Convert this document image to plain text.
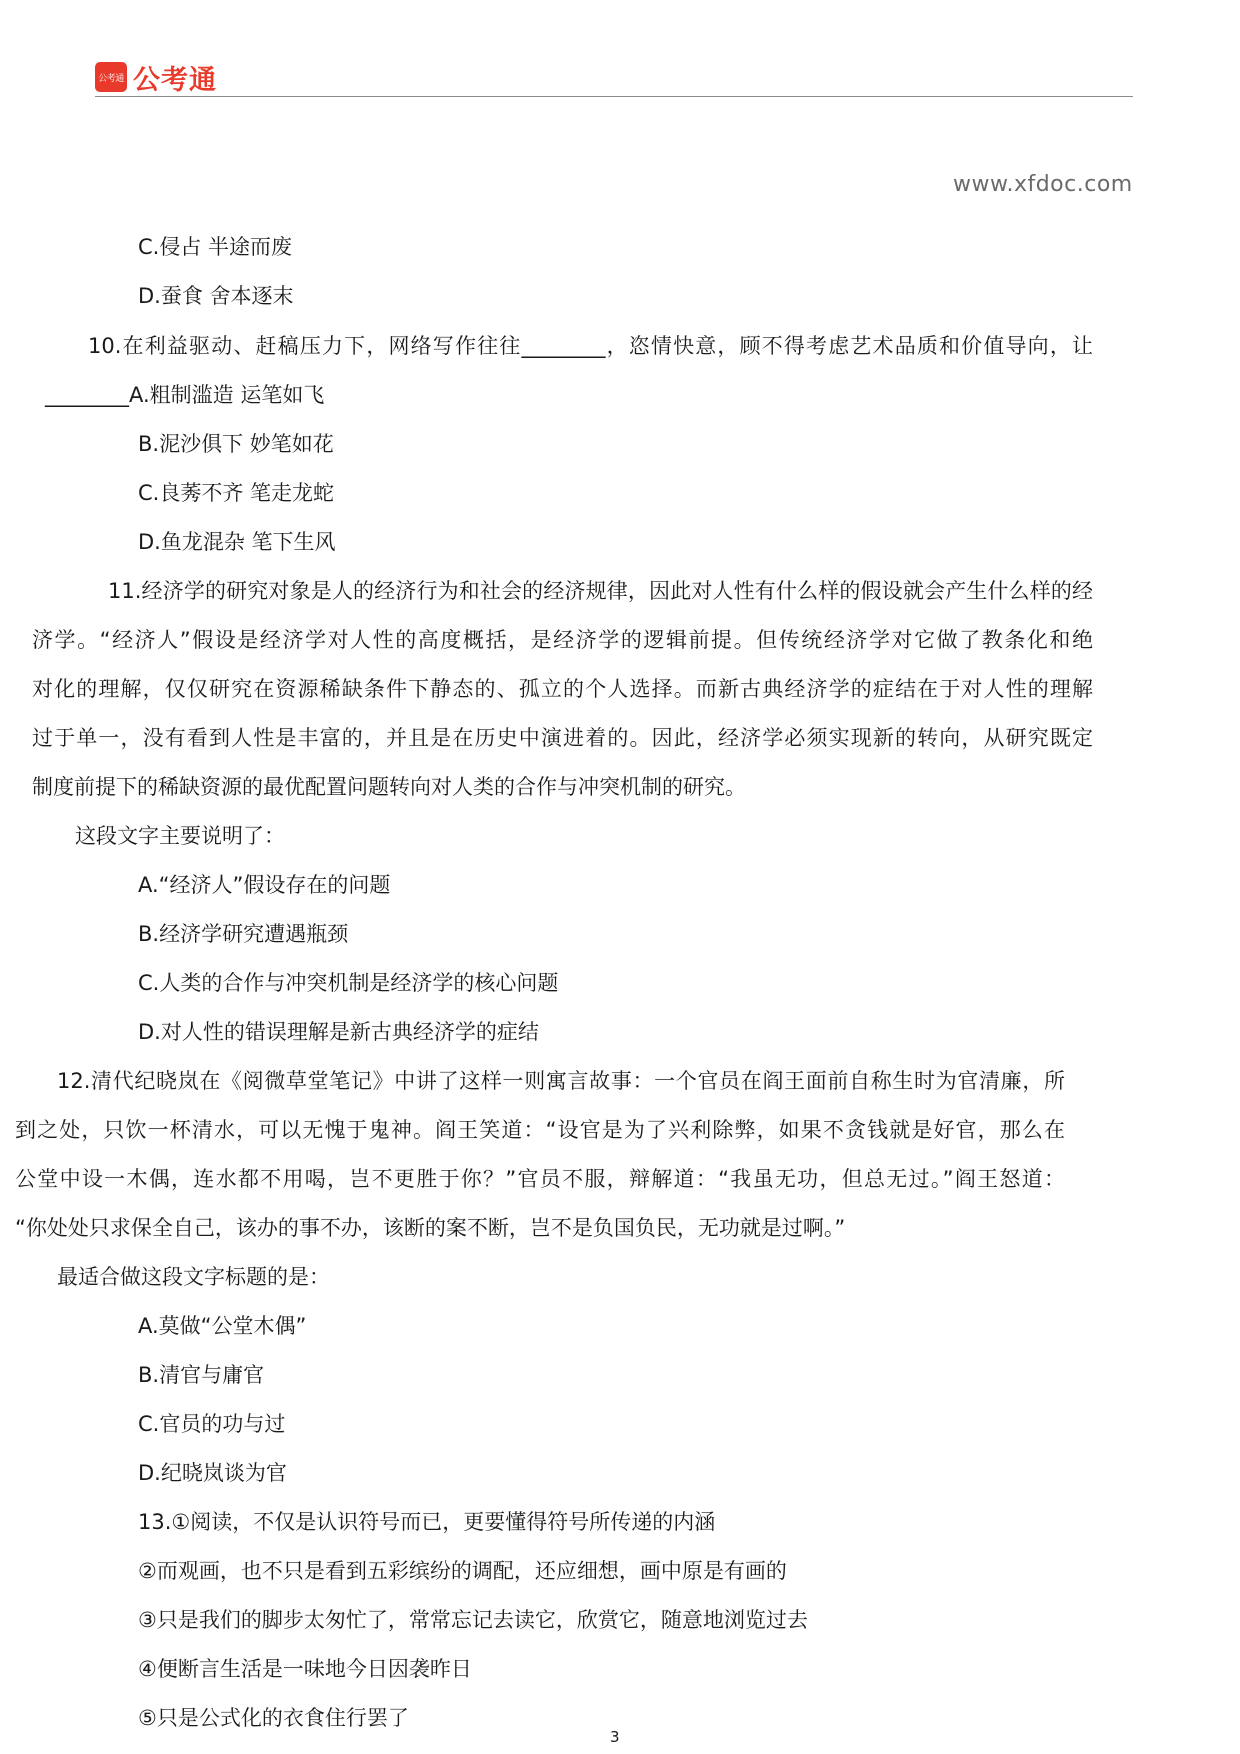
公考通 公考通
www.xfdoc.com
C.侵占 半途而废
D.蚕食 舍本逐末
10.在利益驱动、赶稿压力下，网络写作往往________，恣情快意，顾不得考虑艺术品质和价值导向，让
________A.粗制滥造 运笔如飞
B.泥沙俱下 妙笔如花
C.良莠不齐 笔走龙蛇
D.鱼龙混杂 笔下生风
11.经济学的研究对象是人的经济行为和社会的经济规律，因此对人性有什么样的假设就会产生什么样的经
济学。“经济人”假设是经济学对人性的高度概括，是经济学的逻辑前提。但传统经济学对它做了教条化和绝
对化的理解，仅仅研究在资源稀缺条件下静态的、孤立的个人选择。而新古典经济学的症结在于对人性的理解
过于单一，没有看到人性是丰富的，并且是在历史中演进着的。因此，经济学必须实现新的转向，从研究既定
制度前提下的稀缺资源的最优配置问题转向对人类的合作与冲突机制的研究。
这段文字主要说明了：
A.“经济人”假设存在的问题
B.经济学研究遭遇瓶颈
C.人类的合作与冲突机制是经济学的核心问题
D.对人性的错误理解是新古典经济学的症结
12.清代纪晓岚在《阅微草堂笔记》中讲了这样一则寓言故事：一个官员在阎王面前自称生时为官清廉，所
到之处，只饮一杯清水，可以无愧于鬼神。阎王笑道：“设官是为了兴利除弊，如果不贪钱就是好官，那么在
公堂中设一木偶，连水都不用喝，岂不更胜于你？”官员不服，辩解道：“我虽无功，但总无过。”阎王怒道：
“你处处只求保全自己，该办的事不办，该断的案不断，岂不是负国负民，无功就是过啊。”
最适合做这段文字标题的是：
A.莫做“公堂木偶”
B.清官与庸官
C.官员的功与过
D.纪晓岚谈为官
13.①阅读，不仅是认识符号而已，更要懂得符号所传递的内涵
②而观画，也不只是看到五彩缤纷的调配，还应细想，画中原是有画的
③只是我们的脚步太匆忙了，常常忘记去读它，欣赏它，随意地浏览过去
④便断言生活是一味地今日因袭昨日
⑤只是公式化的衣食住行罢了
3
